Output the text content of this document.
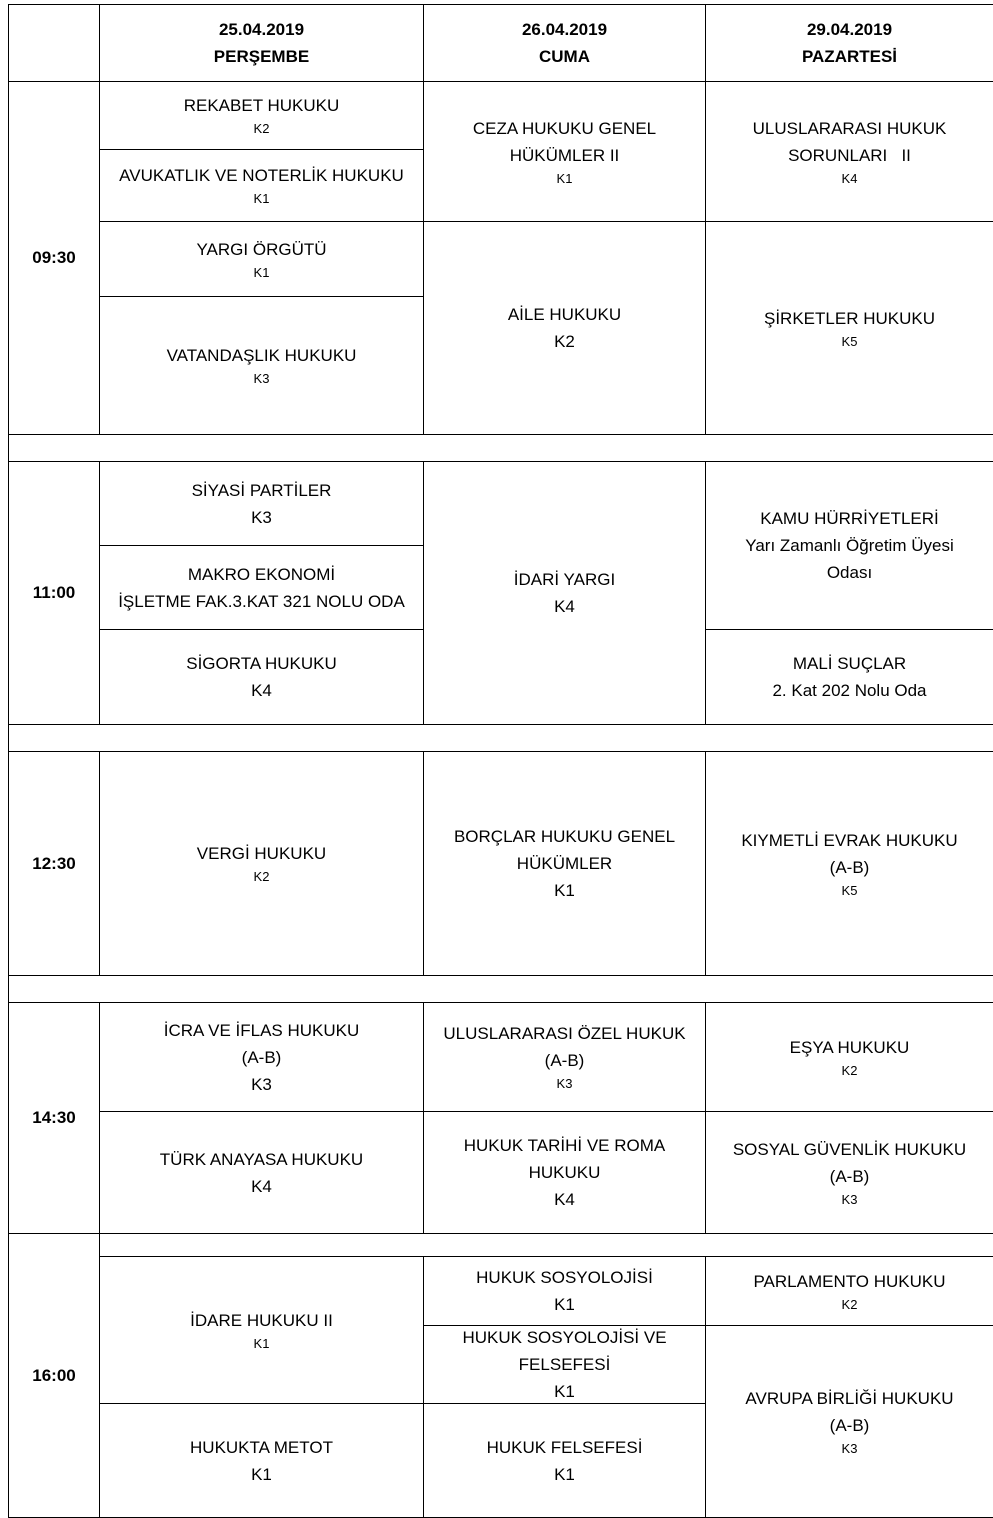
25.04.2019
PERŞEMBE
26.04.2019
CUMA
29.04.2019
PAZARTESİ
09:30
11:00
12:30
14:30
16:00
REKABET HUKUKU
K2
AVUKATLIK VE NOTERLİK HUKUKU
K1
YARGI ÖRGÜTÜ
K1
VATANDAŞLIK HUKUKU
K3
CEZA HUKUKU GENEL
HÜKÜMLER II
K1
AİLE HUKUKU
K2
ULUSLARARASI HUKUK
SORUNLARI   II
K4
ŞİRKETLER HUKUKU
K5
SİYASİ PARTİLER
K3
MAKRO EKONOMİ
İŞLETME FAK.3.KAT 321 NOLU ODA
SİGORTA HUKUKU
K4
İDARİ YARGI
K4
KAMU HÜRRİYETLERİ
Yarı Zamanlı Öğretim Üyesi
Odası
MALİ SUÇLAR
2. Kat 202 Nolu Oda
VERGİ HUKUKU
K2
BORÇLAR HUKUKU GENEL
HÜKÜMLER
K1
KIYMETLİ EVRAK HUKUKU
(A-B)
K5
İCRA VE İFLAS HUKUKU
(A-B)
K3
TÜRK ANAYASA HUKUKU
K4
ULUSLARARASI ÖZEL HUKUK
(A-B)
K3
HUKUK TARİHİ VE ROMA
HUKUKU
K4
EŞYA HUKUKU
K2
SOSYAL GÜVENLİK HUKUKU
(A-B)
K3
İDARE HUKUKU II
K1
HUKUKTA METOT
K1
HUKUK SOSYOLOJİSİ
K1
HUKUK SOSYOLOJİSİ VE
FELSEFESİ
K1
HUKUK FELSEFESİ
K1
PARLAMENTO HUKUKU
K2
AVRUPA BİRLİĞİ HUKUKU
(A-B)
K3
